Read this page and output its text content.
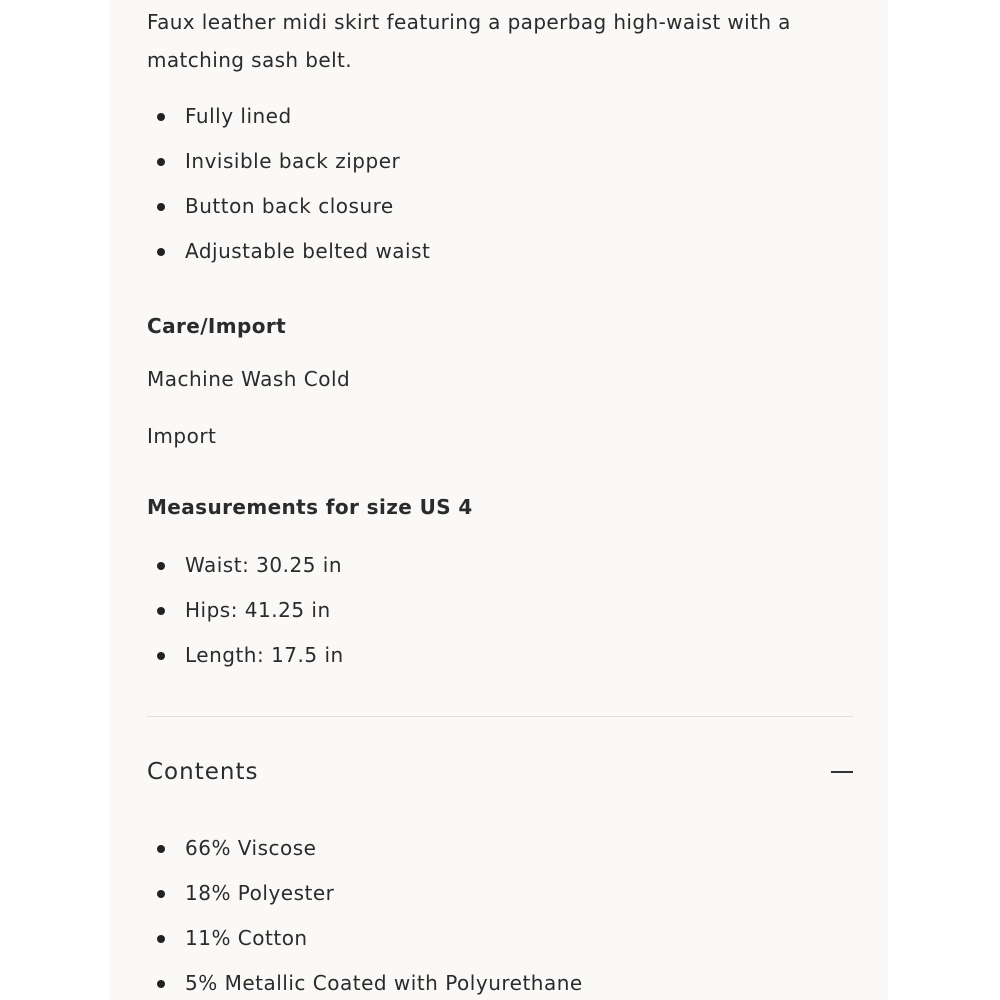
Faux leather midi skirt featuring a paperbag high-waist with a matching sash belt.

Fully lined
Invisible back zipper
Button back closure
Adjustable belted waist
Care/Import

Machine Wash Cold

Import

Measurements for size US 4
Waist: 30.25 in
Hips: 41.25 in
Length: 17.5 in
Contents
66% Viscose
18% Polyester
11% Cotton
5% Metallic Coated with Polyurethane
